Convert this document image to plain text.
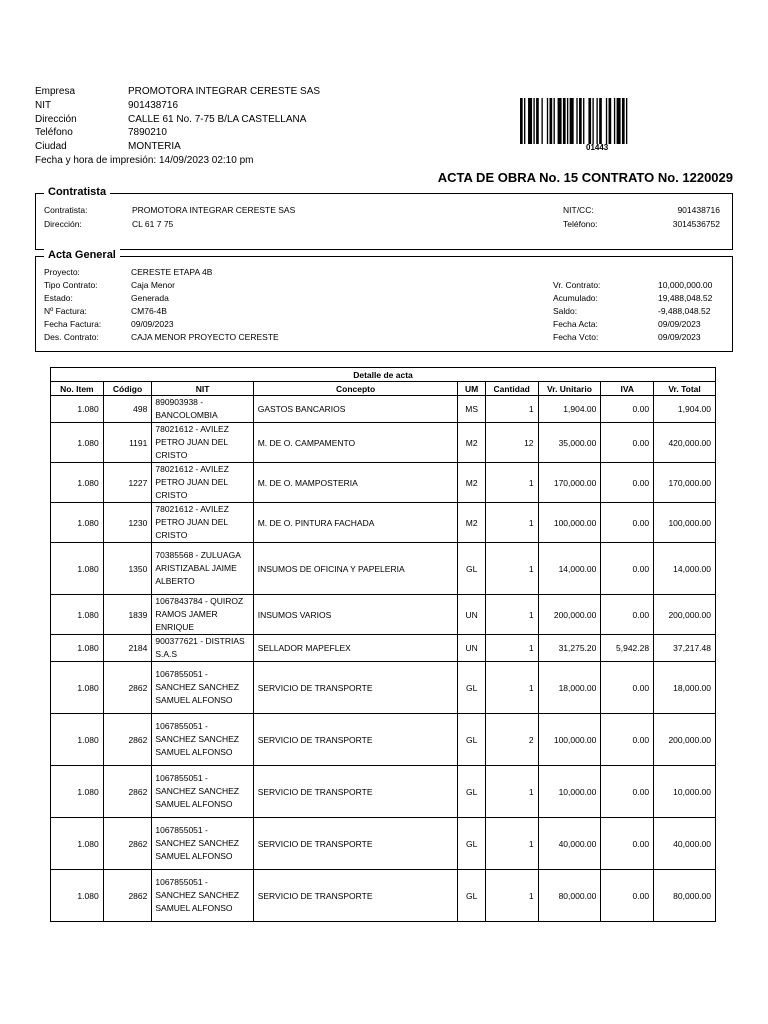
Empresa	PROMOTORA INTEGRAR CERESTE SAS
NIT	901438716
Dirección	CALLE 61 No. 7-75 B/LA CASTELLANA
Teléfono	7890210
Ciudad	MONTERIA
Fecha y hora de impresión: 14/09/2023 02:10 pm
01443
ACTA DE OBRA No. 15 CONTRATO No. 1220029
Contratista
Contratista:	PROMOTORA INTEGRAR CERESTE SAS
Dirección:	CL 61 7 75
NIT/CC:	901438716
Teléfono:	3014536752
Acta General
Proyecto:	CERESTE ETAPA 4B
Tipo Contrato:	Caja Menor
Estado:	Generada
Nº Factura:	CM76-4B
Fecha Factura:	09/09/2023
Des. Contrato:	CAJA MENOR PROYECTO CERESTE
Vr. Contrato:	10,000,000.00
Acumulado:	19,488,048.52
Saldo:	-9,488,048.52
Fecha Acta:	09/09/2023
Fecha Vcto:	09/09/2023
Detalle de acta								
No. Item	Código	NIT	Concepto	UM	Cantidad	Vr. Unitario	IVA	Vr. Total
1.080	498	890903938 - BANCOLOMBIA	GASTOS BANCARIOS	MS	1	1,904.00	0.00	1,904.00
1.080	1191	78021612 - AVILEZ PETRO JUAN DEL CRISTO	M. DE O. CAMPAMENTO	M2	12	35,000.00	0.00	420,000.00
1.080	1227	78021612 - AVILEZ PETRO JUAN DEL CRISTO	M. DE O. MAMPOSTERIA	M2	1	170,000.00	0.00	170,000.00
1.080	1230	78021612 - AVILEZ PETRO JUAN DEL CRISTO	M. DE O. PINTURA FACHADA	M2	1	100,000.00	0.00	100,000.00
1.080	1350	70385568 - ZULUAGA ARISTIZABAL JAIME ALBERTO	INSUMOS DE OFICINA Y PAPELERIA	GL	1	14,000.00	0.00	14,000.00
1.080	1839	1067843784 - QUIROZ RAMOS JAMER ENRIQUE	INSUMOS VARIOS	UN	1	200,000.00	0.00	200,000.00
1.080	2184	900377621 - DISTRIAS S.A.S	SELLADOR MAPEFLEX	UN	1	31,275.20	5,942.28	37,217.48
1.080	2862	1067855051 - SANCHEZ SANCHEZ SAMUEL ALFONSO	SERVICIO DE TRANSPORTE	GL	1	18,000.00	0.00	18,000.00
1.080	2862	1067855051 - SANCHEZ SANCHEZ SAMUEL ALFONSO	SERVICIO DE TRANSPORTE	GL	2	100,000.00	0.00	200,000.00
1.080	2862	1067855051 - SANCHEZ SANCHEZ SAMUEL ALFONSO	SERVICIO DE TRANSPORTE	GL	1	10,000.00	0.00	10,000.00
1.080	2862	1067855051 - SANCHEZ SANCHEZ SAMUEL ALFONSO	SERVICIO DE TRANSPORTE	GL	1	40,000.00	0.00	40,000.00
1.080	2862	1067855051 - SANCHEZ SANCHEZ SAMUEL ALFONSO	SERVICIO DE TRANSPORTE	GL	1	80,000.00	0.00	80,000.00
